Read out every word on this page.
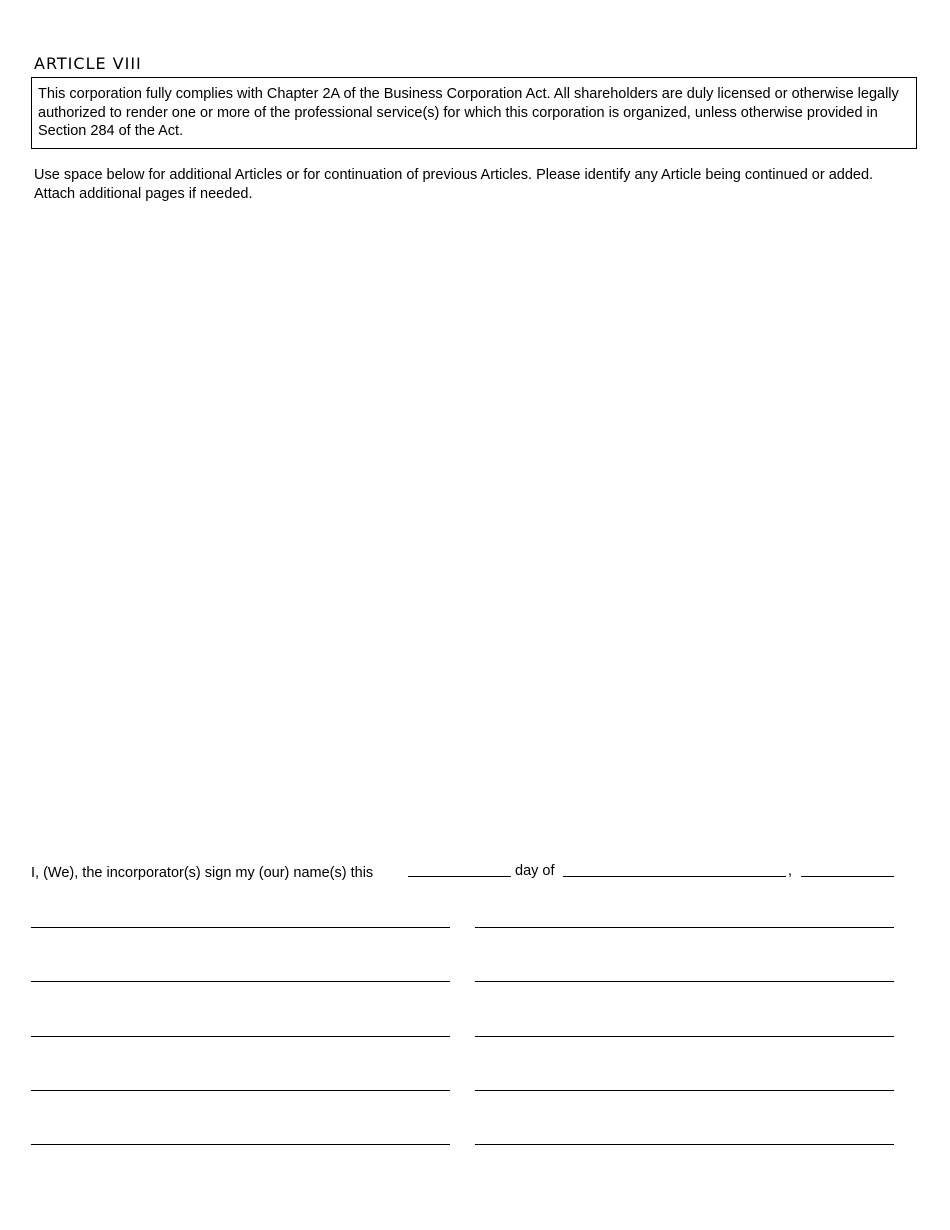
ARTICLE VIII
This corporation fully complies with Chapter 2A of the Business Corporation Act. All shareholders are duly licensed or otherwise legally authorized to render one or more of the professional service(s) for which this corporation is organized, unless otherwise provided in Section 284 of the Act.

Use space below for additional Articles or for continuation of previous Articles. Please identify any Article being continued or added. Attach additional pages if needed.

I, (We), the incorporator(s) sign my (our) name(s) this	day of	,
